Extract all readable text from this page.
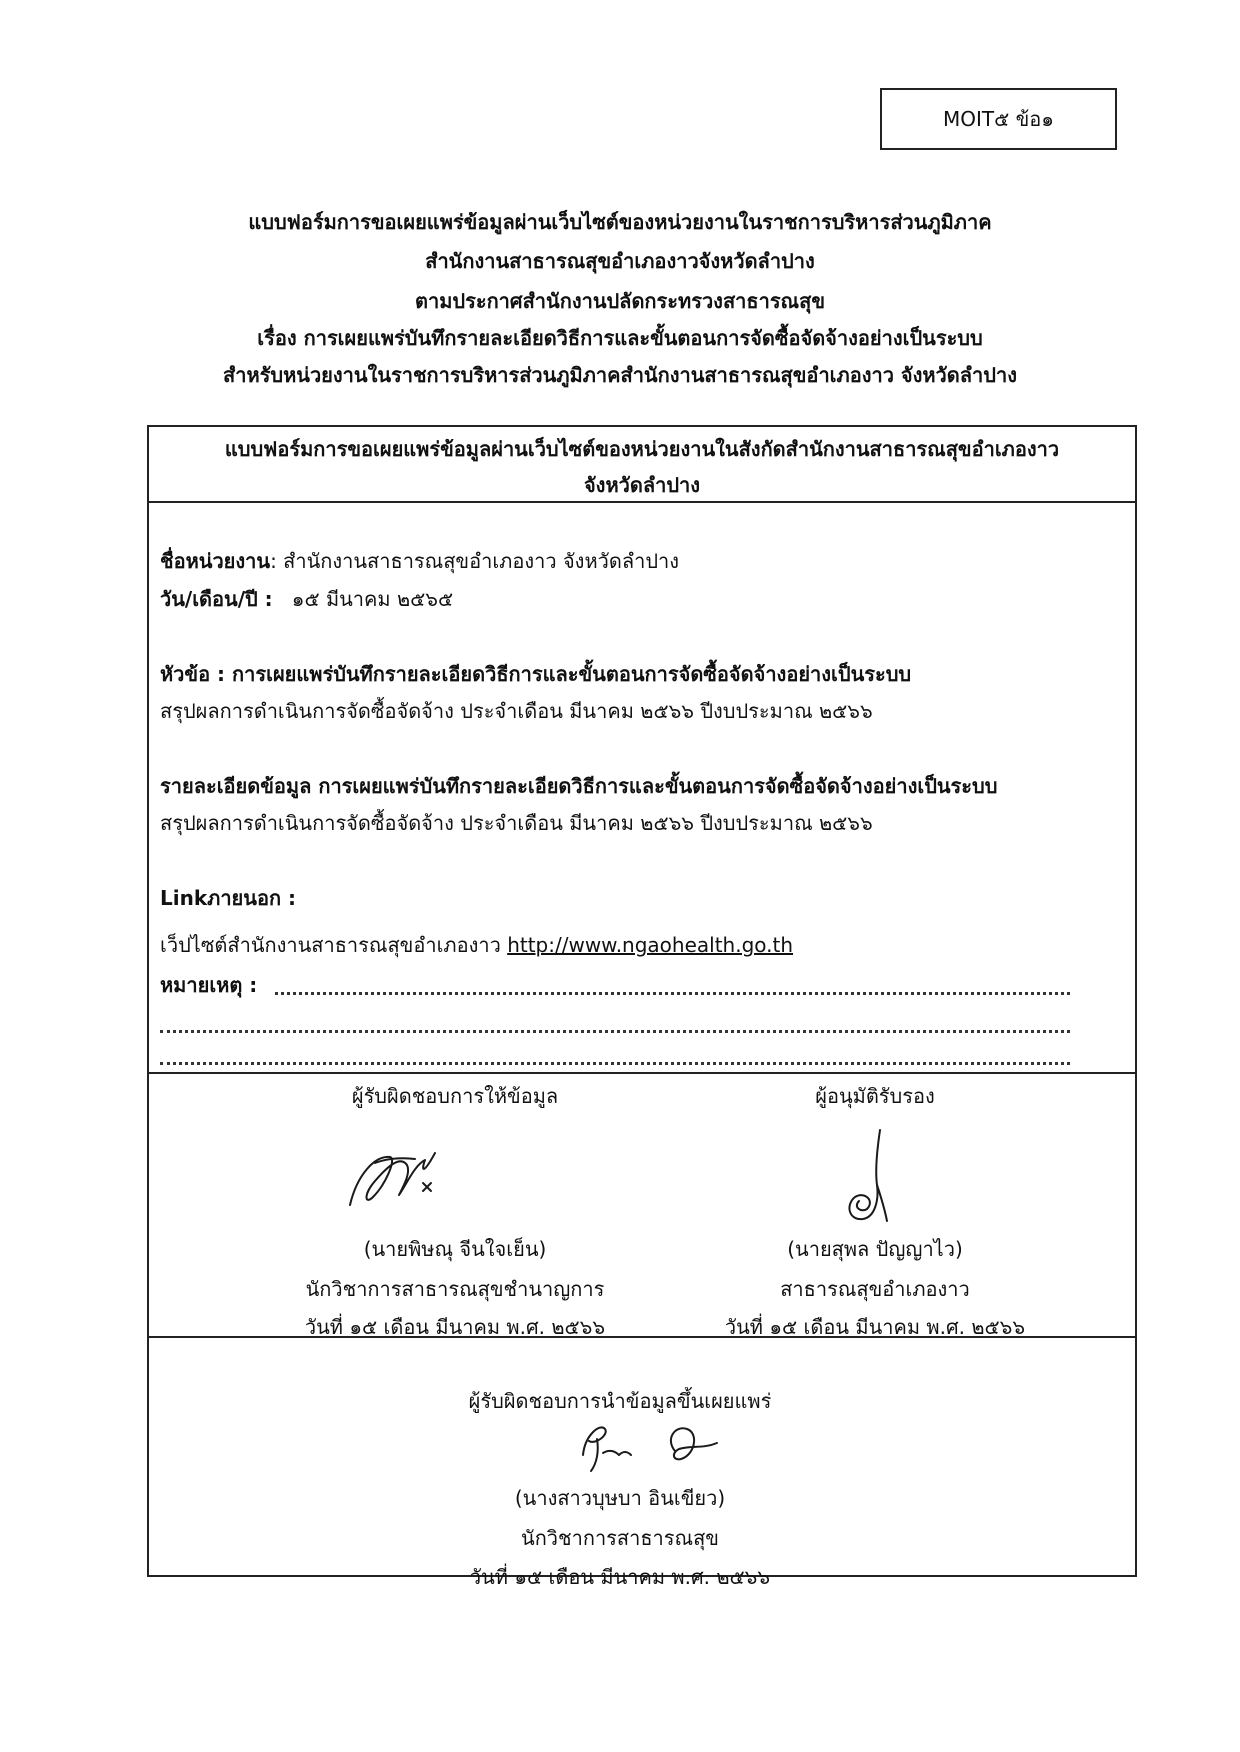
MOIT๕ ข้อ๑
แบบฟอร์มการขอเผยแพร่ข้อมูลผ่านเว็บไซต์ของหน่วยงานในราชการบริหารส่วนภูมิภาค
สำนักงานสาธารณสุขอำเภองาวจังหวัดลำปาง
ตามประกาศสำนักงานปลัดกระทรวงสาธารณสุข
เรื่อง การเผยแพร่บันทึกรายละเอียดวิธีการและขั้นตอนการจัดซื้อจัดจ้างอย่างเป็นระบบ
สำหรับหน่วยงานในราชการบริหารส่วนภูมิภาคสำนักงานสาธารณสุขอำเภองาว จังหวัดลำปาง
แบบฟอร์มการขอเผยแพร่ข้อมูลผ่านเว็บไซต์ของหน่วยงานในสังกัดสำนักงานสาธารณสุขอำเภองาว
จังหวัดลำปาง
ชื่อหน่วยงาน: สำนักงานสาธารณสุขอำเภองาว จังหวัดลำปาง
วัน/เดือน/ปี : ๑๕ มีนาคม ๒๕๖๕
หัวข้อ : การเผยแพร่บันทึกรายละเอียดวิธีการและขั้นตอนการจัดซื้อจัดจ้างอย่างเป็นระบบ
สรุปผลการดำเนินการจัดซื้อจัดจ้าง ประจำเดือน มีนาคม ๒๕๖๖ ปีงบประมาณ ๒๕๖๖
รายละเอียดข้อมูล การเผยแพร่บันทึกรายละเอียดวิธีการและขั้นตอนการจัดซื้อจัดจ้างอย่างเป็นระบบ
สรุปผลการดำเนินการจัดซื้อจัดจ้าง ประจำเดือน มีนาคม ๒๕๖๖ ปีงบประมาณ ๒๕๖๖
Linkภายนอก :
เว็ปไซต์สำนักงานสาธารณสุขอำเภองาว http://www.ngaohealth.go.th
หมายเหตุ :
ผู้รับผิดชอบการให้ข้อมูล
(นายพิษณุ จีนใจเย็น)
นักวิชาการสาธารณสุขชำนาญการ
วันที่ ๑๕ เดือน มีนาคม พ.ศ. ๒๕๖๖
ผู้อนุมัติรับรอง
(นายสุพล ปัญญาไว)
สาธารณสุขอำเภองาว
วันที่ ๑๕ เดือน มีนาคม พ.ศ. ๒๕๖๖
ผู้รับผิดชอบการนำข้อมูลขึ้นเผยแพร่
(นางสาวบุษบา อินเขียว)
นักวิชาการสาธารณสุข
วันที่ ๑๕ เดือน มีนาคม พ.ศ. ๒๕๖๖
